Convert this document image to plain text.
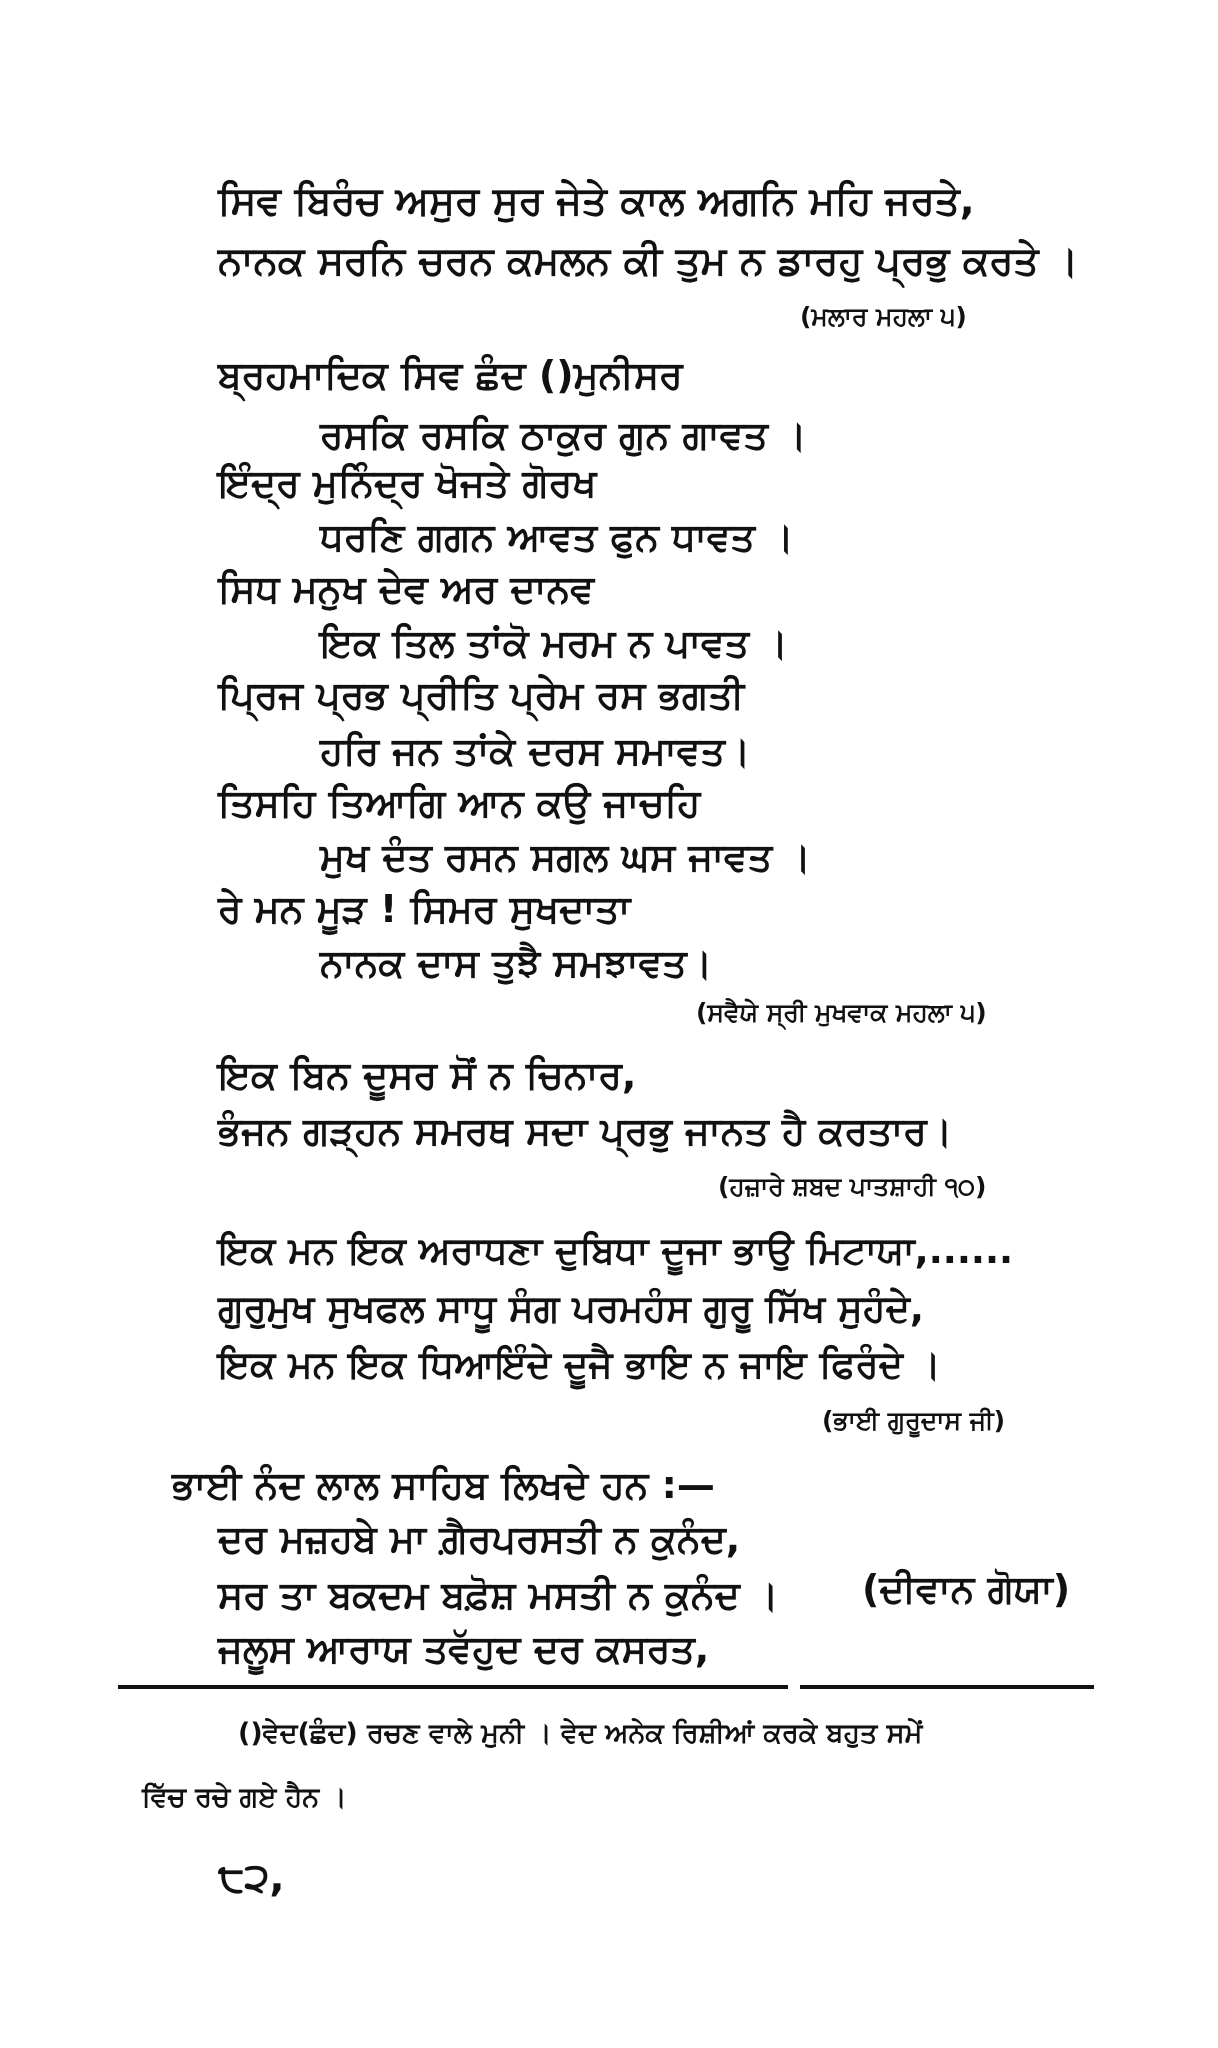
ਸਿਵ ਬਿਰੰਚ ਅਸੁਰ ਸੁਰ ਜੇਤੇ ਕਾਲ ਅਗਨਿ ਮਹਿ ਜਰਤੇ,
ਨਾਨਕ ਸਰਨਿ ਚਰਨ ਕਮਲਨ ਕੀ ਤੁਮ ਨ ਡਾਰਹੁ ਪ੍ਰਭੁ ਕਰਤੇ ।
(ਮਲਾਰ ਮਹਲਾ ੫)
ਬ੍ਰਹਮਾਦਿਕ ਸਿਵ ਛੰਦ ()ਮੁਨੀਸਰ
ਰਸਕਿ ਰਸਕਿ ਠਾਕੁਰ ਗੁਨ ਗਾਵਤ ।
ਇੰਦ੍ਰ ਮੁਨਿੰਦ੍ਰ ਖੋਜਤੇ ਗੋਰਖ
ਧਰਣਿ ਗਗਨ ਆਵਤ ਫੁਨ ਧਾਵਤ ।
ਸਿਧ ਮਨੁਖ ਦੇਵ ਅਰ ਦਾਨਵ
ਇਕ ਤਿਲ ਤਾਂਕੋ ਮਰਮ ਨ ਪਾਵਤ ।
ਪ੍ਰਿਜ ਪ੍ਰਭ ਪ੍ਰੀਤਿ ਪ੍ਰੇਮ ਰਸ ਭਗਤੀ
ਹਰਿ ਜਨ ਤਾਂਕੇ ਦਰਸ ਸਮਾਵਤ।
ਤਿਸਹਿ ਤਿਆਗਿ ਆਨ ਕਉ ਜਾਚਹਿ
ਮੁਖ ਦੰਤ ਰਸਨ ਸਗਲ ਘਸ ਜਾਵਤ ।
ਰੇ ਮਨ ਮੂੜ ! ਸਿਮਰ ਸੁਖਦਾਤਾ
ਨਾਨਕ ਦਾਸ ਤੁਝੈ ਸਮਝਾਵਤ।
(ਸਵੈਯੇ ਸ੍ਰੀ ਮੁਖਵਾਕ ਮਹਲਾ ੫)
ਇਕ ਬਿਨ ਦੂਸਰ ਸੋਂ ਨ ਚਿਨਾਰ,
ਭੰਜਨ ਗੜ੍ਹਨ ਸਮਰਥ ਸਦਾ ਪ੍ਰਭੁ ਜਾਨਤ ਹੈ ਕਰਤਾਰ।
(ਹਜ਼ਾਰੇ ਸ਼ਬਦ ਪਾਤਸ਼ਾਹੀ ੧੦)
ਇਕ ਮਨ ਇਕ ਅਰਾਧਣਾ ਦੁਬਿਧਾ ਦੂਜਾ ਭਾਉ ਮਿਟਾਯਾ,......
ਗੁਰੁਮੁਖ ਸੁਖਫਲ ਸਾਧੂ ਸੰਗ ਪਰਮਹੰਸ ਗੁਰੂ ਸਿੱਖ ਸੁਹੰਦੇ,
ਇਕ ਮਨ ਇਕ ਧਿਆਇੰਦੇ ਦੂਜੈ ਭਾਇ ਨ ਜਾਇ ਫਿਰੰਦੇ ।
(ਭਾਈ ਗੁਰੂਦਾਸ ਜੀ)
ਭਾਈ ਨੰਦ ਲਾਲ ਸਾਹਿਬ ਲਿਖਦੇ ਹਨ :—
ਦਰ ਮਜ਼ਹਬੇ ਮਾ ਗ਼ੈਰਪਰਸਤੀ ਨ ਕੁਨੰਦ,
ਸਰ ਤਾ ਬਕਦਮ ਬਫ਼ੋਸ਼ ਮਸਤੀ ਨ ਕੁਨੰਦ । (ਦੀਵਾਨ ਗੋਯਾ)
ਜਲੂਸ ਆਰਾਯ ਤਵੱਹੁਦ ਦਰ ਕਸਰਤ,
()ਵੇਦ(ਛੰਦ) ਰਚਣ ਵਾਲੇ ਮੁਨੀ । ਵੇਦ ਅਨੇਕ ਰਿਸ਼ੀਆਂ ਕਰਕੇ ਬਹੁਤ ਸਮੇਂ
ਵਿੱਚ ਰਚੇ ਗਏ ਹੈਨ ।
੮੨,
